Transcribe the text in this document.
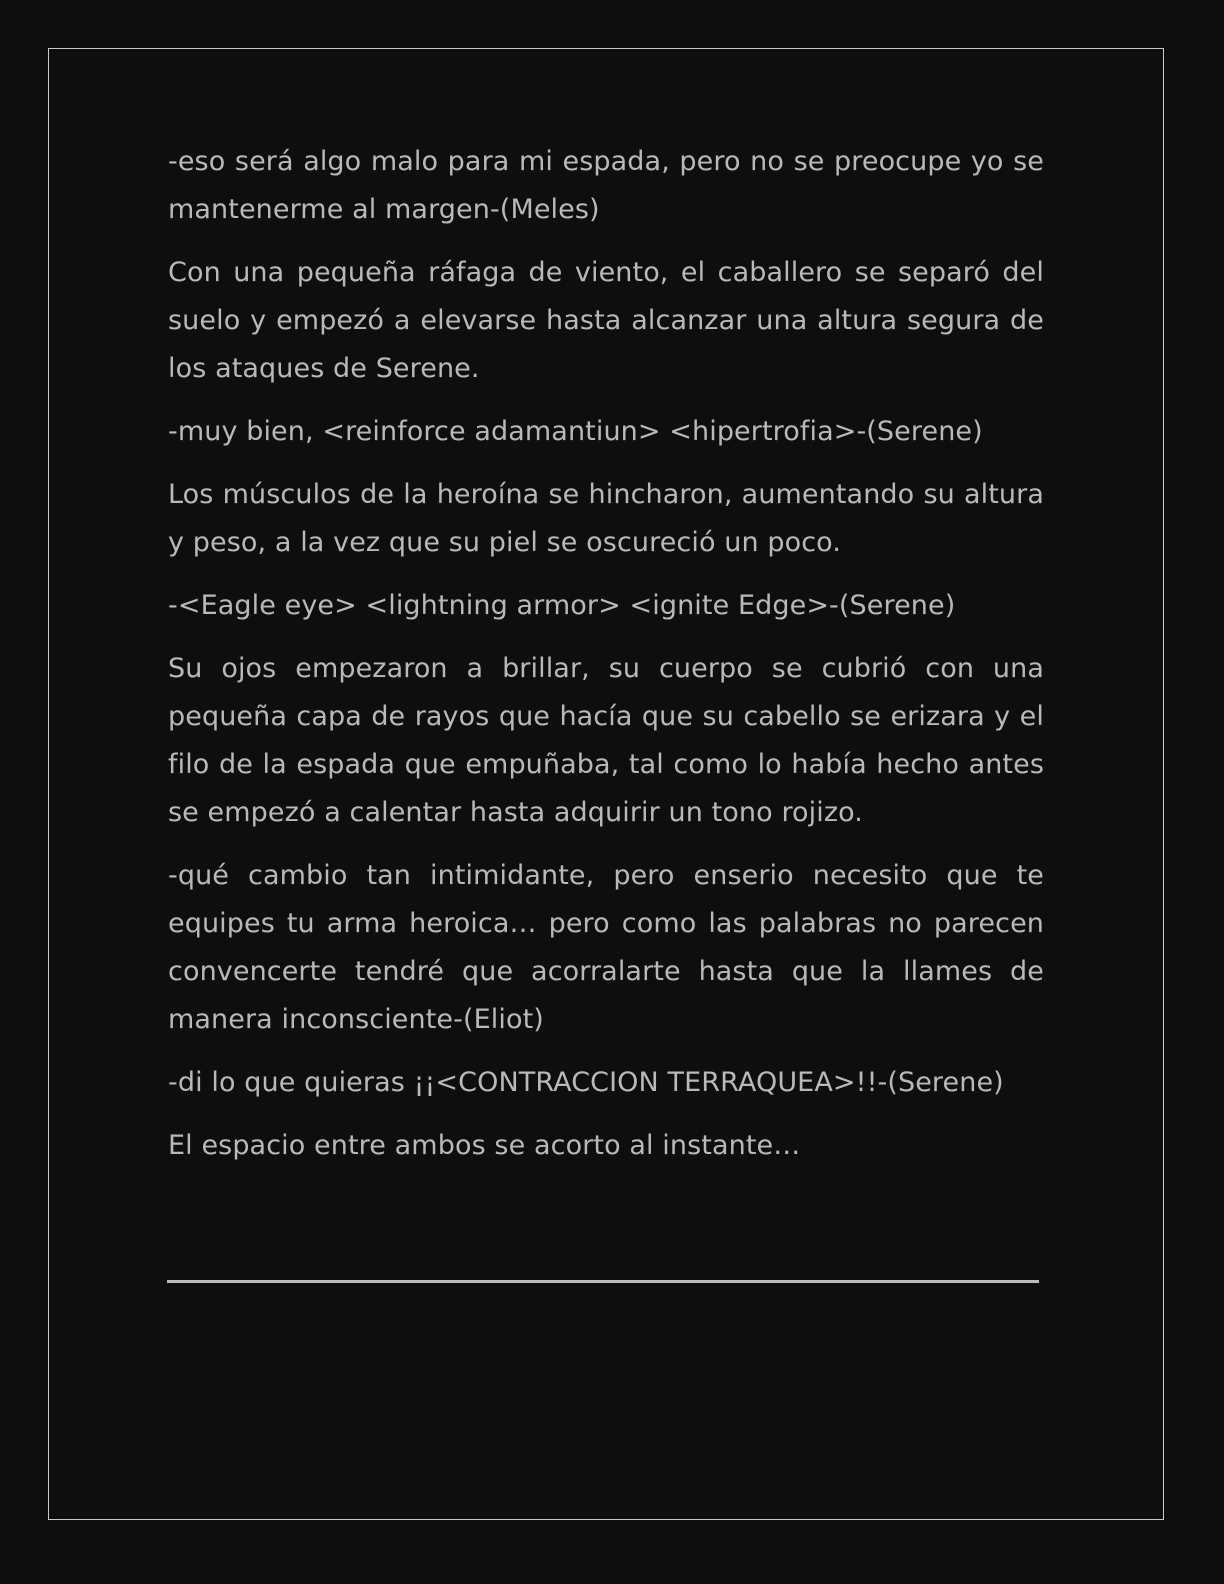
-eso será algo malo para mi espada, pero no se preocupe yo se mantenerme al margen-(Meles)

Con una pequeña ráfaga de viento, el caballero se separó del suelo y empezó a elevarse hasta alcanzar una altura segura de los ataques de Serene.

-muy bien, <reinforce adamantiun> <hipertrofia>-(Serene)

Los músculos de la heroína se hincharon, aumentando su altura y peso, a la vez que su piel se oscureció un poco.

-<Eagle eye> <lightning armor> <ignite Edge>-(Serene)

Su ojos empezaron a brillar, su cuerpo se cubrió con una pequeña capa de rayos que hacía que su cabello se erizara y el filo de la espada que empuñaba, tal como lo había hecho antes se empezó a calentar hasta adquirir un tono rojizo.

-qué cambio tan intimidante, pero enserio necesito que te equipes tu arma heroica… pero como las palabras no parecen convencerte tendré que acorralarte hasta que la llames de manera inconsciente-(Eliot)

-di lo que quieras ¡¡<CONTRACCION TERRAQUEA>!!-(Serene)

El espacio entre ambos se acorto al instante…
